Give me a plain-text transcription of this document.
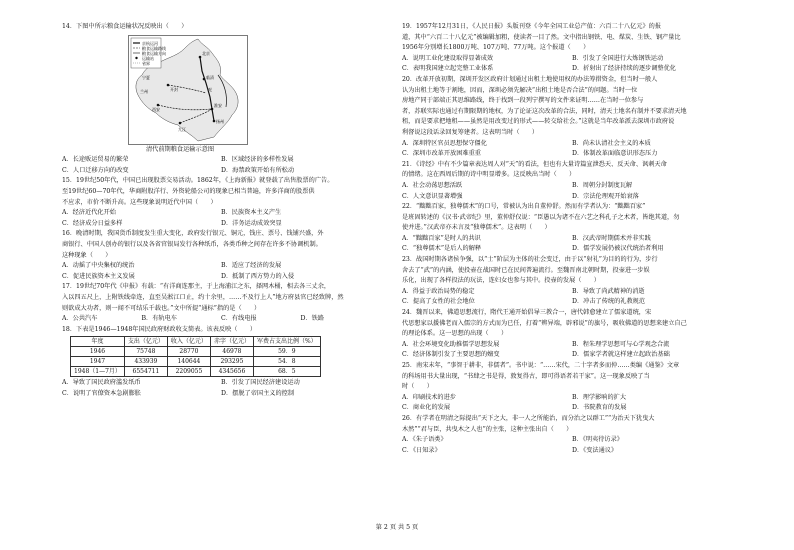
14．下图中所示粮食运输状况反映出（　　）

京杭运河
粮食运输路线
粮食运输方向
运输站
省界
北京
临清
兖
淮安
扬州
宁夏
兰州
西安
开封
九江

清代前期粮食运输示意图

A．长途贩运贸易的繁荣	B．区域经济的多样性发展
C．人口迁移方向的改变	D．海禁政策开始有所松动

15．19世纪50年代，中国已出现股票交易活动。1862年，《上海新报》就登载了出售股票的广告。

至19世纪60—70年代，华商附股洋行、外资轮船公司的现象已相当普遍，许多洋商的股票供

不应求，市价不断升高。这些现象说明近代中国（　　）

A．经济近代化开始	B．民族资本主义产生
C．经济成分日益多样	D．洋务运动成效突显

16．晚清时期，我国货币制度发生重大变化，政府发行银元、铜元，钱庄、票号、钱铺兴盛，外

商银行、中国人创办的银行以及各省官银局发行各种纸币，各类币种之间存在许多不协调机制。

这种现象（　　）

A．动摇了中央集权的统治	B．适应了经济的发展
C．促进民族资本主义发展	D．抵制了西方势力的入侵

17．19世纪70年代《申报》有载：“有洋商连那主，于上海浦江之东，择网木桶，相去各三丈余，

入以四五尺上，上附铁线牵连，直至吴淞江口止，约十余里，……不及行上人”地方府县官已经致牌，然

则欲成大功者，则一闻不可结乐千载也。”文中所提“通标”指的是（　　）

A．公共汽车	B．有轨电车	C．有线电报	D．铁路

18．下表是1946—1948年国民政府财政收支简表。该表反映（　　）

年度	支出（亿元）	收入（亿元）	赤字（亿元）	军费占支出比例（%）
1946	75748	28770	46978	59．9
1947	433939	140644	293295	54．8
1948（1—7月）	6554711	2209055	4345656	68．5
A．导致了国民政府滥发纸币	B．引发了国民经济建设运动
C．说明了官僚资本急剧膨胀	D．摆脱了帝国主义的控制

19．1957年12月31日，《人民日报》头版刊登《今年全国工业总产值：六百二十八亿元》的报

道，其中“六百二十八亿元”被编辑加粗，使读者一目了然。文中指出钢铁、电、煤炭、生铁、钢产量比

1956年分别增长1800万吨、107万吨、77万吨。这个报道（　　）

A．说明工业化建设取得显著成效	B．引发了全国进行大炼钢铁运动
C．表明我国建立起完整工业体系	D．折射出了经济持续的逐步调整优化

20．改革开放初期，深圳开发区政府计划通过出租土地使用权的办法筹措资金，但当时一般人

认为出租土地等于割地，因而，深圳必须先解决“出租土地是否合法”的问题。当时一位

房地产同于部端正其思维路线，终于找到一段列宁撰写的文件来证明……在当时一位参与

者，苏联实际也通过有期限期的地权，为了论证这次改革的合法，同时，清天土地名有制并不要求清天地

租，而是要求把地租——虽然是用改变过的形式——转交给社会。”这就是当年改革派去深圳市政府说

利督说这段话录回复筹建者。这表明当时（　　）

A．深圳特区官员思想保守僵化	B．尚未认清社会主义的本质
C．深圳市改革开放困难重重	D．体制改革面临意识形态压力

21．《诗经》中有不少篇章表达周人对“天”的看法，但也有大量诗篇宣泄恐天、反天命、讽刺天命

的情绪。这在西周后期的诗中明显增多。这反映出当时（　　）

A．社会动荡思想活跃	B．周朝分封制度瓦解
C．人文意识显著增强	D．宗法伦理观开始衰落

22．“黜黜百家，独尊儒术”的口号，常被认为出自董仲舒。然而有学者认为：“黜黜百家”

是班固转述的《汉书·武帝纪》里，董仲舒仅说：“臣愚以为诸不在六艺之科孔子之术者，皆绝其道，勿

使并进。”汉武帝亦未言及“独尊儒术”。这表明（　　）

A．“黜黜百家”是时人的共识	B．汉武帝时期儒术并非实践
C．“独尊儒术”是后人的解释	D．儒学发展仍被汉代统治者利用

23．战国时期各诸侯争强，以“士”阶层为主体的社会变迁，由于以“射礼”为目的的行为，步行

舍去了“武”的内涵，使投壶在战国时已在民间普遍流行。至魏晋南北朝时期，投壶进一步娱

乐化，出现了各样投法的玩法，连妇女也参与其中。投壶的发展（　　）

A．得益于政治局势的稳定	B．导致了尚武精神的消逝
C．提高了女性的社会地位	D．冲击了传统的礼教规范

24．魏晋以来，佛道思想流行，隋代王通开始倡导三教合一，唐代韩愈建立了儒家道统，宋

代思想家以援佛老而入儒宗的方式而为已任，打着“辨异端，辟邪说”的旗号，吸收佛道的思想来建立自己

的理论体系。这一思想的出现（　　）

A．社会环境变化助推儒学思想发展	B．程朱理学思想可与心学观念合流
C．经济体制引发了主要思想的嬗变	D．儒家学者就这样建立起政治基础

25．南宋末年，“事智于耕非，非儒者”。书中说：“……宋代，二十字者多而仲……类编《通鉴》文章

的科场用书大量出现，“书肆之书是得，敦复得古，即可得语者若干家”。这一现象反映了当

时（　　）

A．印刷技术的进步	B．理学影响的扩大
C．商业化的发展	D．书院教育的发展

26．有学者在明清之际提出“天下之大，非一人之所能治，而分治之以群工”“为治天下犹曳大

木然”“君与臣，共曳木之人也”的主张，这种主张出自（　　）

A．《朱子语类》	B．《明夷待访录》
C．《日知录》	D．《变法通议》
第 2 页 共 5 页
